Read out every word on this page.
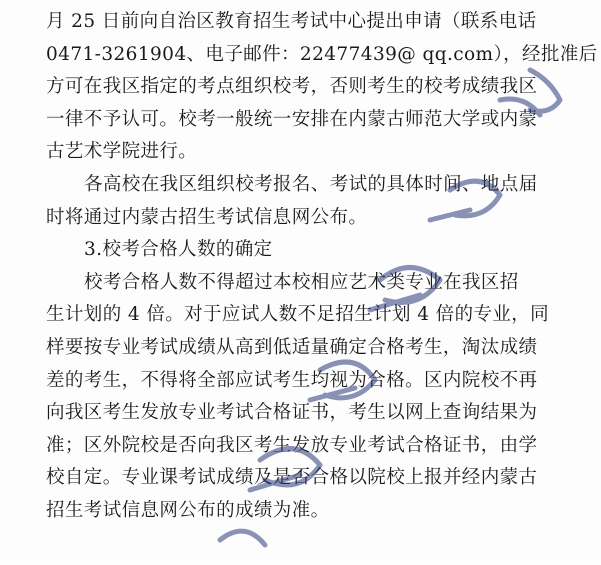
月 25 日前向自治区教育招生考试中心提出申请（联系电话
0471-3261904、电子邮件：22477439@ qq.com），经批准后
方可在我区指定的考点组织校考，否则考生的校考成绩我区
一律不予认可。校考一般统一安排在内蒙古师范大学或内蒙
古艺术学院进行。
各高校在我区组织校考报名、考试的具体时间、地点届
时将通过内蒙古招生考试信息网公布。
3.校考合格人数的确定
校考合格人数不得超过本校相应艺术类专业在我区招
生计划的 4 倍。对于应试人数不足招生计划 4 倍的专业，同
样要按专业考试成绩从高到低适量确定合格考生，淘汰成绩
差的考生，不得将全部应试考生均视为合格。区内院校不再
向我区考生发放专业考试合格证书，考生以网上查询结果为
准；区外院校是否向我区考生发放专业考试合格证书，由学
校自定。专业课考试成绩及是否合格以院校上报并经内蒙古
招生考试信息网公布的成绩为准。
